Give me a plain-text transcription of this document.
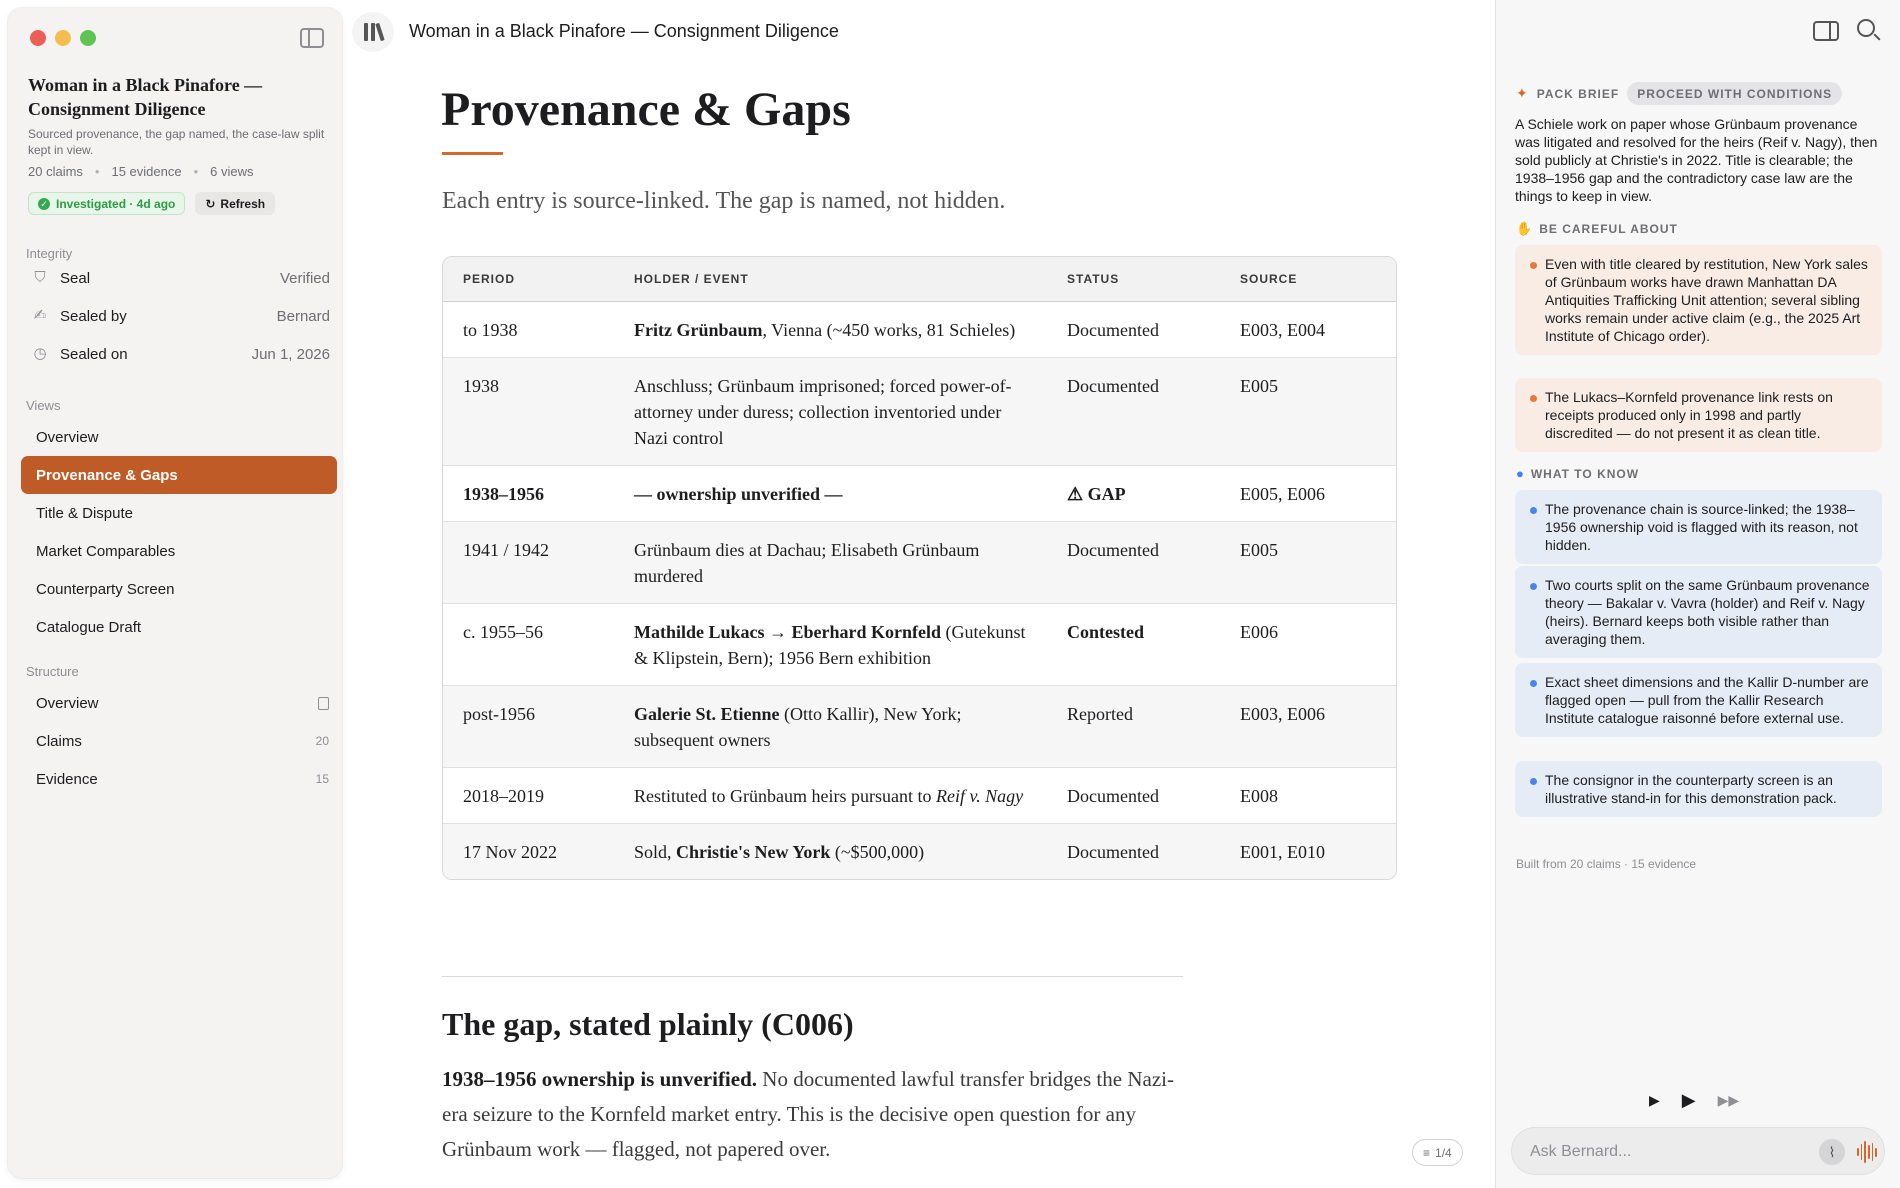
Woman in a Black Pinafore — Consignment Diligence
Sourced provenance, the gap named, the case-law split kept in view.
20 claims • 15 evidence • 6 views
✓ Investigated · 4d ago	↻ Refresh
Integrity
⛉ Seal	Verified
✍ Sealed by	Bernard
◷ Sealed on	Jun 1, 2026
Views
Overview
Provenance & Gaps
Title & Dispute
Market Comparables
Counterparty Screen
Catalogue Draft
Structure
Overview
Claims	20
Evidence	15
Woman in a Black Pinafore — Consignment Diligence
Provenance & Gaps
Each entry is source-linked. The gap is named, not hidden.
PERIOD	HOLDER / EVENT	STATUS	SOURCE
to 1938	Fritz Grünbaum, Vienna (~450 works, 81 Schieles)	Documented	E003, E004
1938	Anschluss; Grünbaum imprisoned; forced power-of-attorney under duress; collection inventoried under Nazi control	Documented	E005
1938–1956	— ownership unverified —	⚠ GAP	E005, E006
1941 / 1942	Grünbaum dies at Dachau; Elisabeth Grünbaum murdered	Documented	E005
c. 1955–56	Mathilde Lukacs → Eberhard Kornfeld (Gutekunst & Klipstein, Bern); 1956 Bern exhibition	Contested	E006
post-1956	Galerie St. Etienne (Otto Kallir), New York; subsequent owners	Reported	E003, E006
2018–2019	Restituted to Grünbaum heirs pursuant to Reif v. Nagy	Documented	E008
17 Nov 2022	Sold, Christie's New York (~$500,000)	Documented	E001, E010
The gap, stated plainly (C006)

1938–1956 ownership is unverified. No documented lawful transfer bridges the Nazi-era seizure to the Kornfeld market entry. This is the decisive open question for any Grünbaum work — flagged, not papered over.	≡ 1/4
✦ PACK BRIEF	PROCEED WITH CONDITIONS
A Schiele work on paper whose Grünbaum provenance was litigated and resolved for the heirs (Reif v. Nagy), then sold publicly at Christie's in 2022. Title is clearable; the 1938–1956 gap and the contradictory case law are the things to keep in view.
✋ BE CAREFUL ABOUT
Even with title cleared by restitution, New York sales of Grünbaum works have drawn Manhattan DA Antiquities Trafficking Unit attention; several sibling works remain under active claim (e.g., the 2025 Art Institute of Chicago order).
The Lukacs–Kornfeld provenance link rests on receipts produced only in 1998 and partly discredited — do not present it as clean title.
● WHAT TO KNOW
The provenance chain is source-linked; the 1938–1956 ownership void is flagged with its reason, not hidden.
Two courts split on the same Grünbaum provenance theory — Bakalar v. Vavra (holder) and Reif v. Nagy (heirs). Bernard keeps both visible rather than averaging them.
Exact sheet dimensions and the Kallir D-number are flagged open — pull from the Kallir Research Institute catalogue raisonné before external use.
The consignor in the counterparty screen is an illustrative stand-in for this demonstration pack.
Built from 20 claims · 15 evidence
▶ ▶ ▶▶
Ask Bernard...
⌇
